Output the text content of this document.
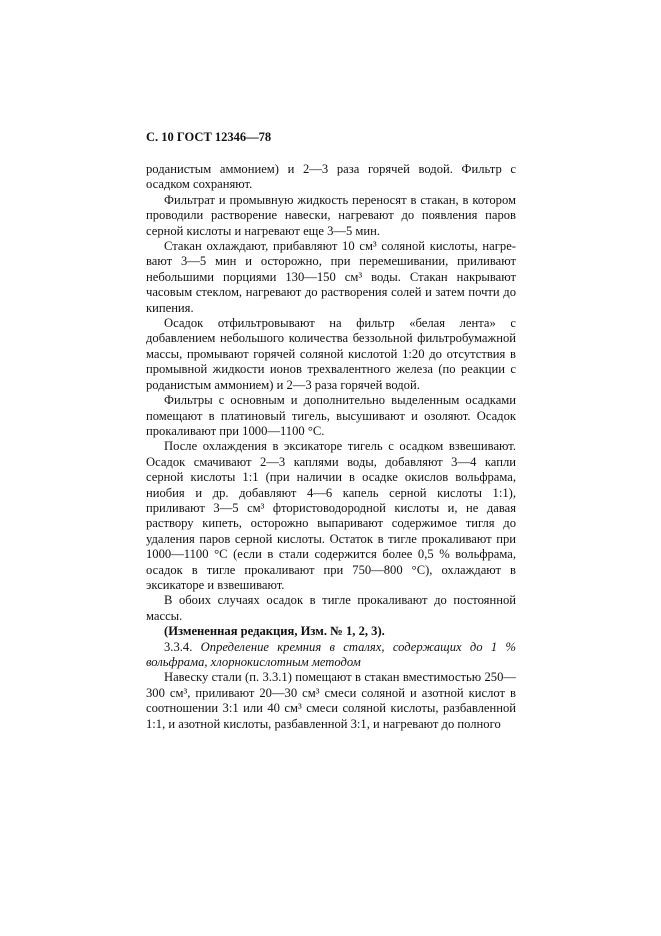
С. 10 ГОСТ 12346—78

роданистым аммонием) и 2—3 раза горячей водой. Фильтр с осадком сохраняют.

Фильтрат и промывную жидкость переносят в стакан, в котором проводили растворение навески, нагревают до появления паров серной кислоты и нагревают еще 3—5 мин.

Стакан охлаждают, прибавляют 10 см³ соляной кислоты, нагревают 3—5 мин и осторожно, при перемешивании, приливают небольшими порциями 130—150 см³ воды. Стакан накрывают часовым стеклом, нагревают до растворения солей и затем почти до кипения.

Осадок отфильтровывают на фильтр «белая лента» с добавлением небольшого количества беззольной фильтробумажной массы, промывают горячей соляной кислотой 1:20 до отсутствия в промывной жидкости ионов трехвалентного железа (по реакции с роданистым аммонием) и 2—3 раза горячей водой.

Фильтры с основным и дополнительно выделенным осадками помещают в платиновый тигель, высушивают и озоляют. Осадок прокаливают при 1000—1100 °С.

После охлаждения в эксикаторе тигель с осадком взвешивают. Осадок смачивают 2—3 каплями воды, добавляют 3—4 капли серной кислоты 1:1 (при наличии в осадке окислов вольфрама, ниобия и др. добавляют 4—6 капель серной кислоты 1:1), приливают 3—5 см³ фтористоводородной кислоты и, не давая раствору кипеть, осторожно выпаривают содержимое тигля до удаления паров серной кислоты. Остаток в тигле прокаливают при 1000—1100 °С (если в стали содержится более 0,5 % вольфрама, осадок в тигле прокаливают при 750—800 °С), охлаждают в эксикаторе и взвешивают.

В обоих случаях осадок в тигле прокаливают до постоянной массы.

(Измененная редакция, Изм. № 1, 2, 3).

3.3.4. Определение кремния в сталях, содержащих до 1 % вольфрама, хлорнокислотным методом

Навеску стали (п. 3.3.1) помещают в стакан вместимостью 250—300 см³, приливают 20—30 см³ смеси соляной и азотной кислот в соотношении 3:1 или 40 см³ смеси соляной кислоты, разбавленной 1:1, и азотной кислоты, разбавленной 3:1, и нагревают до полного
